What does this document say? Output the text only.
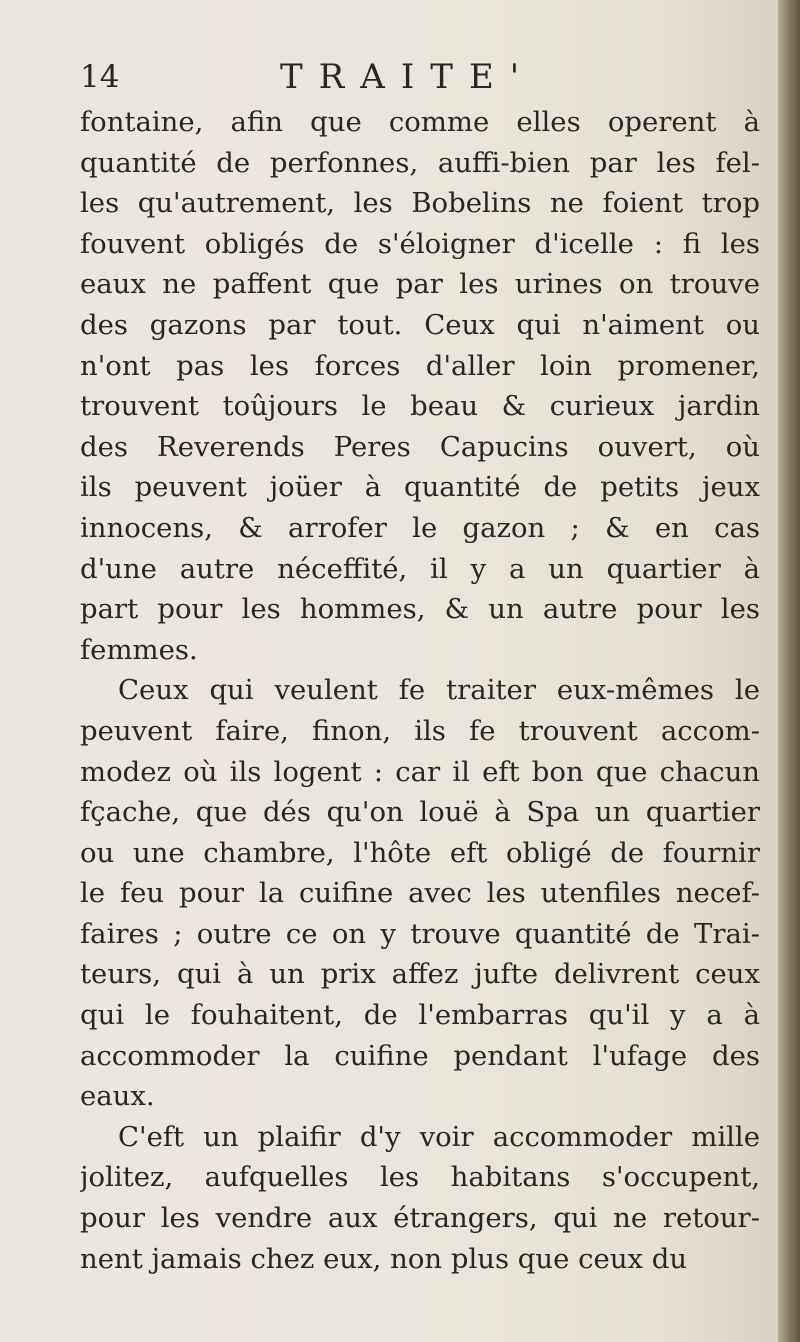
14	TRAITE'
fontaine, afin que comme elles operent à
quantité de perfonnes, auffi-bien par les fel-
les qu'autrement, les Bobelins ne foient trop
fouvent obligés de s'éloigner d'icelle : fi les
eaux ne paffent que par les urines on trouve
des gazons par tout. Ceux qui n'aiment ou
n'ont pas les forces d'aller loin promener,
trouvent toûjours le beau & curieux jardin
des Reverends Peres Capucins ouvert, où
ils peuvent joüer à quantité de petits jeux
innocens, & arrofer le gazon ; & en cas
d'une autre néceffité, il y a un quartier à
part pour les hommes, & un autre pour les
femmes.
Ceux qui veulent fe traiter eux-mêmes le
peuvent faire, finon, ils fe trouvent accom-
modez où ils logent : car il eft bon que chacun
fçache, que dés qu'on louë à Spa un quartier
ou une chambre, l'hôte eft obligé de fournir
le feu pour la cuifine avec les utenfiles necef-
faires ; outre ce on y trouve quantité de Trai-
teurs, qui à un prix affez jufte delivrent ceux
qui le fouhaitent, de l'embarras qu'il y a à
accommoder la cuifine pendant l'ufage des
eaux.
C'eft un plaifir d'y voir accommoder mille
jolitez, aufquelles les habitans s'occupent,
pour les vendre aux étrangers, qui ne retour-
nent jamais chez eux, non plus que ceux du
